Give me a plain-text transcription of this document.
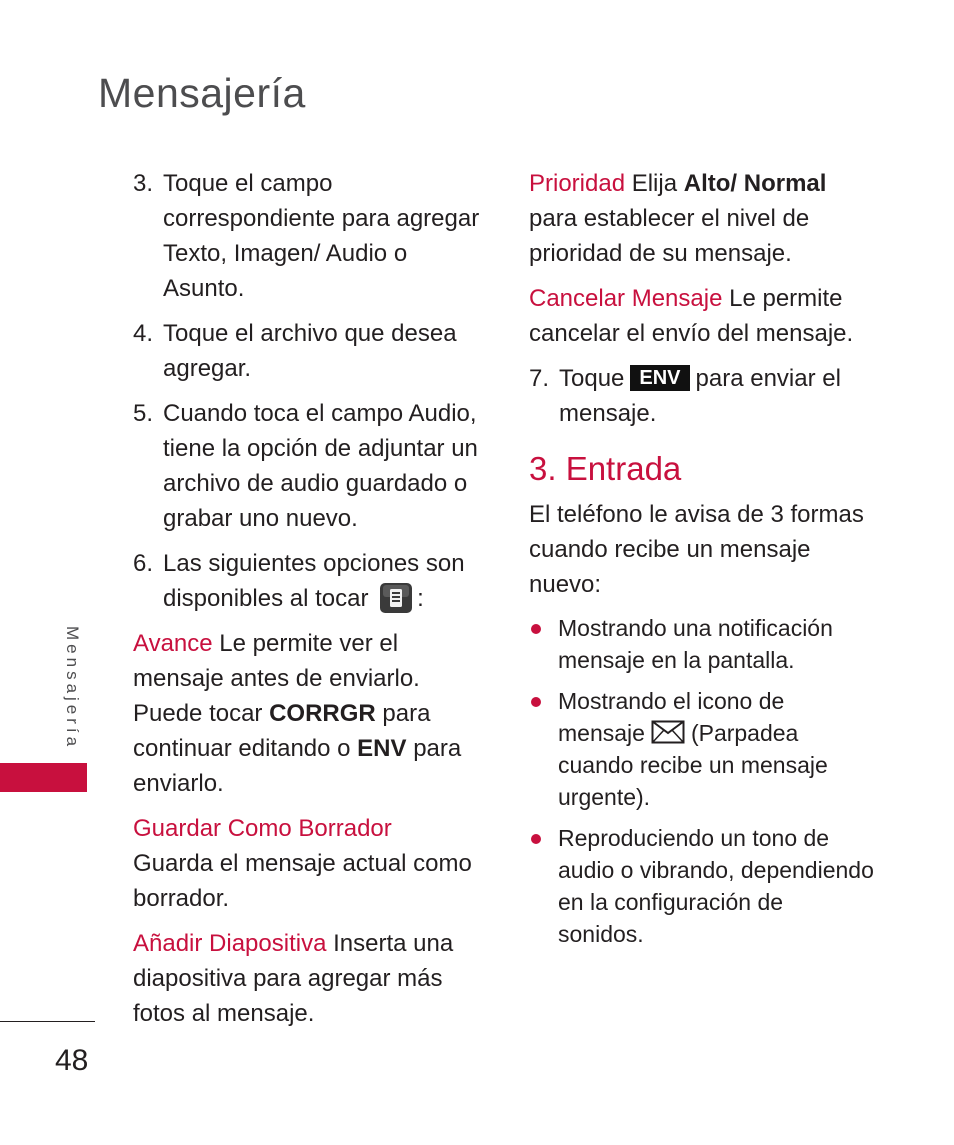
Mensajería
3. Toque el campo correspondiente para agregar Texto, Imagen/ Audio o Asunto.
4. Toque el archivo que desea agregar.
5. Cuando toca el campo Audio, tiene la opción de adjuntar un archivo de audio guardado o grabar uno nuevo.
6. Las siguientes opciones son disponibles al tocar :

Avance Le permite ver el mensaje antes de enviarlo. Puede tocar CORRGR para continuar editando o ENV para enviarlo.

Guardar Como Borrador
Guarda el mensaje actual como borrador.

Añadir Diapositiva Inserta una diapositiva para agregar más fotos al mensaje.

Prioridad Elija Alto/ Normal para establecer el nivel de prioridad de su mensaje.

Cancelar Mensaje Le permite cancelar el envío del mensaje.

7. Toque ENV para enviar el mensaje.
3. Entrada

El teléfono le avisa de 3 formas cuando recibe un mensaje nuevo:

Mostrando una notificación mensaje en la pantalla.
Mostrando el icono de mensaje (Parpadea cuando recibe un mensaje urgente).
Reproduciendo un tono de audio o vibrando, dependiendo en la configuración de sonidos.
Mensajería
48
